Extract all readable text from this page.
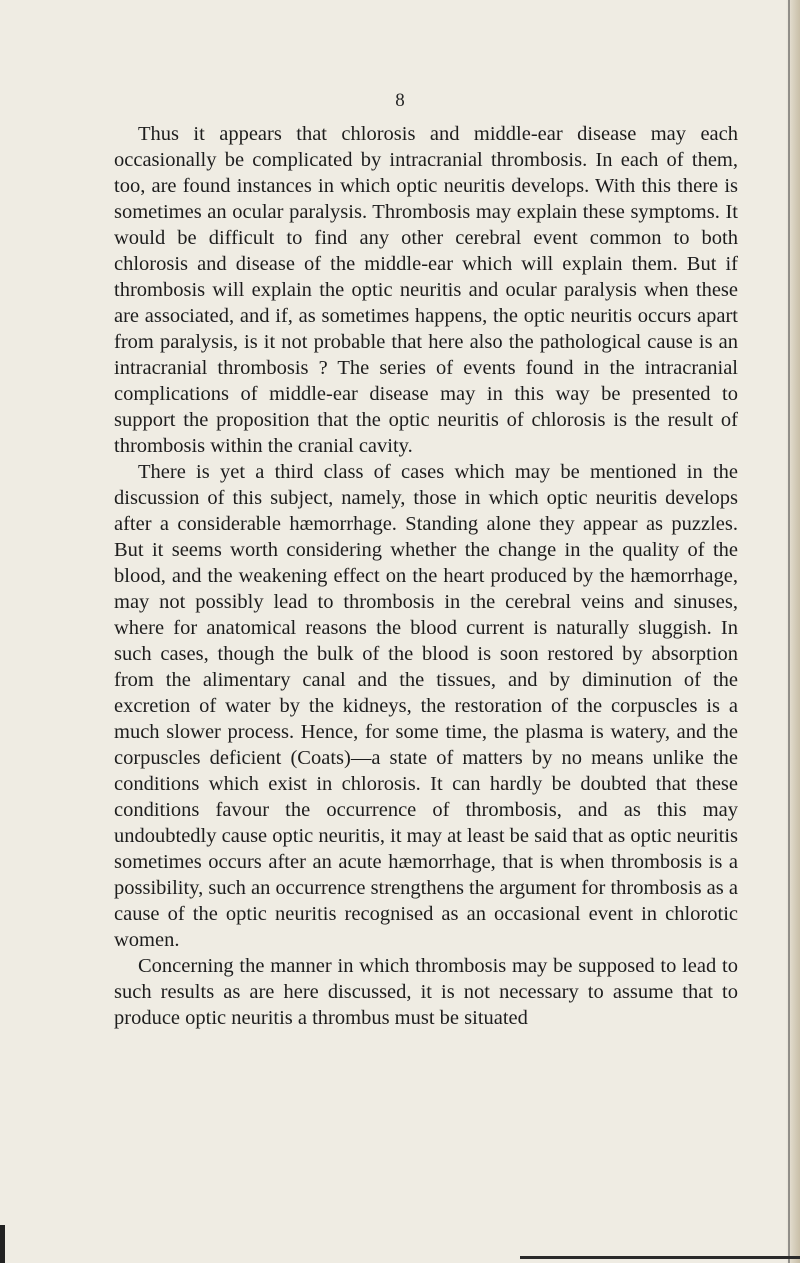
8

Thus it appears that chlorosis and middle-ear disease may each occasionally be complicated by intracranial thrombosis. In each of them, too, are found instances in which optic neuritis develops. With this there is sometimes an ocular paralysis. Thrombosis may explain these symptoms. It would be difficult to find any other cerebral event common to both chlorosis and disease of the middle-ear which will explain them. But if thrombosis will explain the optic neuritis and ocular paralysis when these are associated, and if, as sometimes happens, the optic neuritis occurs apart from paralysis, is it not probable that here also the pathological cause is an intracranial thrombosis ? The series of events found in the intracranial complications of middle-ear disease may in this way be presented to support the proposition that the optic neuritis of chlorosis is the result of thrombosis within the cranial cavity.

There is yet a third class of cases which may be mentioned in the discussion of this subject, namely, those in which optic neuritis develops after a considerable hæmorrhage. Standing alone they appear as puzzles. But it seems worth considering whether the change in the quality of the blood, and the weakening effect on the heart produced by the hæmorrhage, may not possibly lead to thrombosis in the cerebral veins and sinuses, where for anatomical reasons the blood current is naturally sluggish. In such cases, though the bulk of the blood is soon restored by absorption from the alimentary canal and the tissues, and by diminution of the excretion of water by the kidneys, the restoration of the corpuscles is a much slower process. Hence, for some time, the plasma is watery, and the corpuscles deficient (Coats)—a state of matters by no means unlike the conditions which exist in chlorosis. It can hardly be doubted that these conditions favour the occurrence of thrombosis, and as this may undoubtedly cause optic neuritis, it may at least be said that as optic neuritis sometimes occurs after an acute hæmorrhage, that is when thrombosis is a possibility, such an occurrence strengthens the argument for thrombosis as a cause of the optic neuritis recognised as an occasional event in chlorotic women.

Concerning the manner in which thrombosis may be supposed to lead to such results as are here discussed, it is not necessary to assume that to produce optic neuritis a thrombus must be situated
